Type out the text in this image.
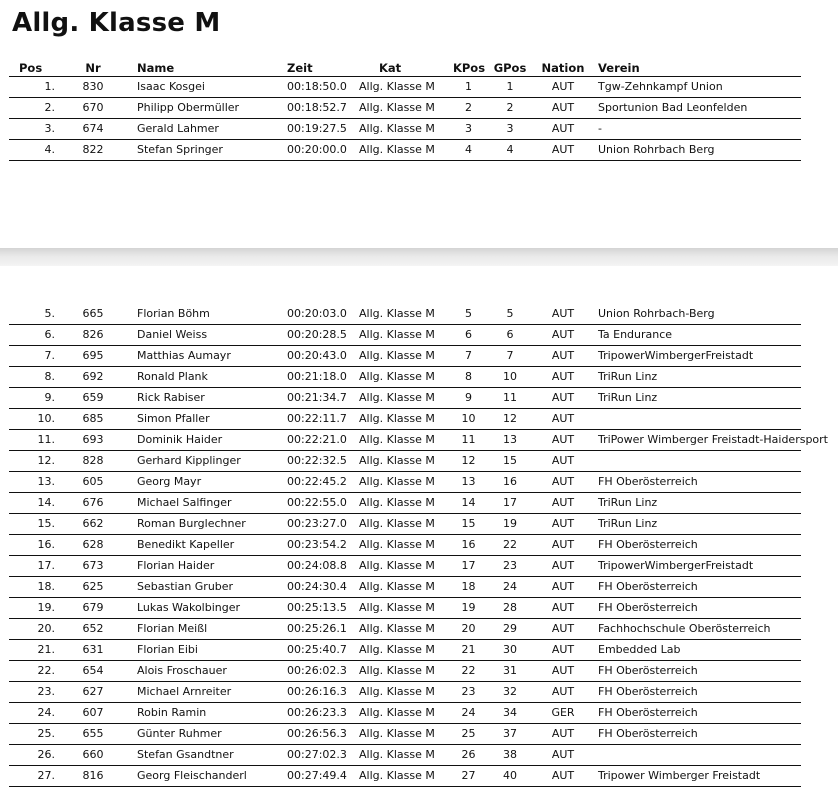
Allg. Klasse M
Pos	Nr	Name	Zeit	Kat	KPos GPos	Nation	Verein
1.	830	Isaac Kosgei	00:18:50.0 Allg. Klasse M	1	1	AUT	Tgw-Zehnkampf Union
2.	670	Philipp Obermüller	00:18:52.7 Allg. Klasse M	2	2	AUT	Sportunion Bad Leonfelden
3.	674	Gerald Lahmer	00:19:27.5 Allg. Klasse M	3	3	AUT	-
4.	822	Stefan Springer	00:20:00.0 Allg. Klasse M	4	4	AUT	Union Rohrbach Berg
5.	665	Florian Böhm	00:20:03.0 Allg. Klasse M	5	5	AUT	Union Rohrbach-Berg
6.	826	Daniel Weiss	00:20:28.5 Allg. Klasse M	6	6	AUT	Ta Endurance
7.	695	Matthias Aumayr	00:20:43.0 Allg. Klasse M	7	7	AUT	TripowerWimbergerFreistadt
8.	692	Ronald Plank	00:21:18.0 Allg. Klasse M	8	10	AUT	TriRun Linz
9.	659	Rick Rabiser	00:21:34.7 Allg. Klasse M	9	11	AUT	TriRun Linz
10.	685	Simon Pfaller	00:22:11.7 Allg. Klasse M	10	12	AUT
11.	693	Dominik Haider	00:22:21.0 Allg. Klasse M	11	13	AUT	TriPower Wimberger Freistadt-Haidersport
12.	828	Gerhard Kipplinger	00:22:32.5 Allg. Klasse M	12	15	AUT
13.	605	Georg Mayr	00:22:45.2 Allg. Klasse M	13	16	AUT	FH Oberösterreich
14.	676	Michael Salfinger	00:22:55.0 Allg. Klasse M	14	17	AUT	TriRun Linz
15.	662	Roman Burglechner	00:23:27.0 Allg. Klasse M	15	19	AUT	TriRun Linz
16.	628	Benedikt Kapeller	00:23:54.2 Allg. Klasse M	16	22	AUT	FH Oberösterreich
17.	673	Florian Haider	00:24:08.8 Allg. Klasse M	17	23	AUT	TripowerWimbergerFreistadt
18.	625	Sebastian Gruber	00:24:30.4 Allg. Klasse M	18	24	AUT	FH Oberösterreich
19.	679	Lukas Wakolbinger	00:25:13.5 Allg. Klasse M	19	28	AUT	FH Oberösterreich
20.	652	Florian Meißl	00:25:26.1 Allg. Klasse M	20	29	AUT	Fachhochschule Oberösterreich
21.	631	Florian Eibi	00:25:40.7 Allg. Klasse M	21	30	AUT	Embedded Lab
22.	654	Alois Froschauer	00:26:02.3 Allg. Klasse M	22	31	AUT	FH Oberösterreich
23.	627	Michael Arnreiter	00:26:16.3 Allg. Klasse M	23	32	AUT	FH Oberösterreich
24.	607	Robin Ramin	00:26:23.3 Allg. Klasse M	24	34	GER	FH Oberösterreich
25.	655	Günter Ruhmer	00:26:56.3 Allg. Klasse M	25	37	AUT	FH Oberösterreich
26.	660	Stefan Gsandtner	00:27:02.3 Allg. Klasse M	26	38	AUT
27.	816	Georg Fleischanderl	00:27:49.4 Allg. Klasse M	27	40	AUT	Tripower Wimberger Freistadt
